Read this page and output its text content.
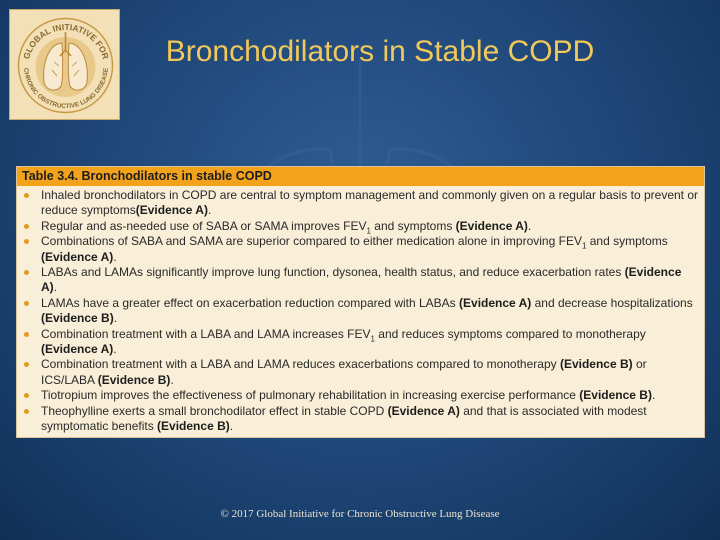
GLOBAL INITIATIVE FOR
CHRONIC OBSTRUCTIVE LUNG DISEASE
Bronchodilators in Stable COPD
Table 3.4. Bronchodilators in stable COPD
Inhaled bronchodilators in COPD are central to symptom management and commonly given on a regular basis to prevent or reduce symptoms(Evidence A).
Regular and as-needed use of SABA or SAMA improves $FEV_1$ and symptoms (Evidence A).
Combinations of SABA and SAMA are superior compared to either medication alone in improving $FEV_1$ and symptoms (Evidence A).
LABAs and LAMAs significantly improve lung function, dysonea, health status, and reduce exacerbation rates (Evidence A).
LAMAs have a greater effect on exacerbation reduction compared with LABAs (Evidence A) and decrease hospitalizations (Evidence B).
Combination treatment with a LABA and LAMA increases $FEV_1$ and reduces symptoms compared to monotherapy (Evidence A).
Combination treatment with a LABA and LAMA reduces exacerbations compared to monotherapy (Evidence B) or ICS/LABA (Evidence B).
Tiotropium improves the effectiveness of pulmonary rehabilitation in increasing exercise performance (Evidence B).
Theophylline exerts a small bronchodilator effect in stable COPD (Evidence A) and that is associated with modest symptomatic benefits (Evidence B).
© 2017 Global Initiative for Chronic Obstructive Lung Disease
